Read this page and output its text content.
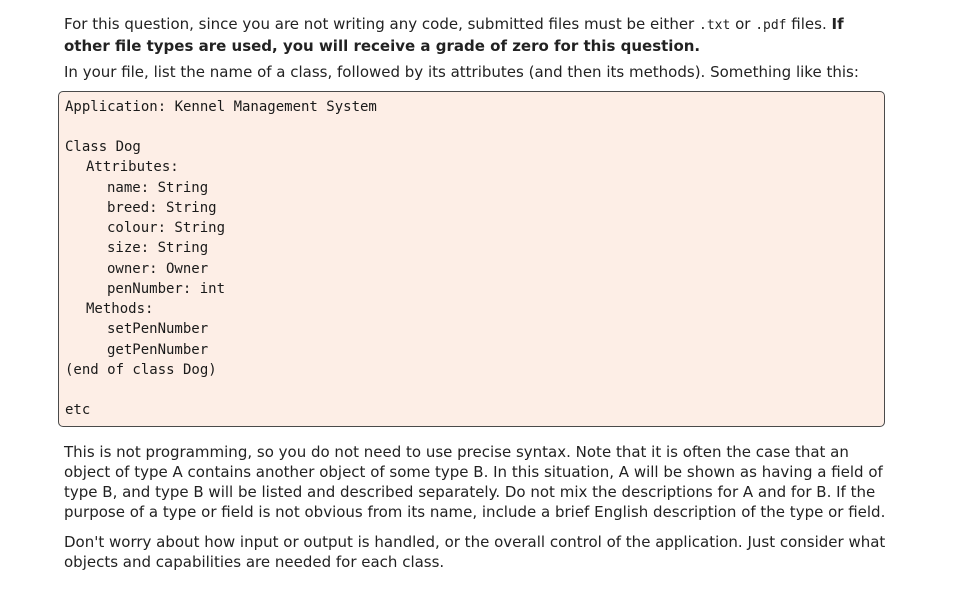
For this question, since you are not writing any code, submitted files must be either .txt or .pdf files. If other file types are used, you will receive a grade of zero for this question.

In your file, list the name of a class, followed by its attributes (and then its methods). Something like this:

Application: Kennel Management System
Class Dog
Attributes:
name: String
breed: String
colour: String
size: String
owner: Owner
penNumber: int
Methods:
setPenNumber
getPenNumber
(end of class Dog)
etc

This is not programming, so you do not need to use precise syntax. Note that it is often the case that an object of type A contains another object of some type B. In this situation, A will be shown as having a field of type B, and type B will be listed and described separately. Do not mix the descriptions for A and for B. If the purpose of a type or field is not obvious from its name, include a brief English description of the type or field.

Don't worry about how input or output is handled, or the overall control of the application. Just consider what objects and capabilities are needed for each class.
